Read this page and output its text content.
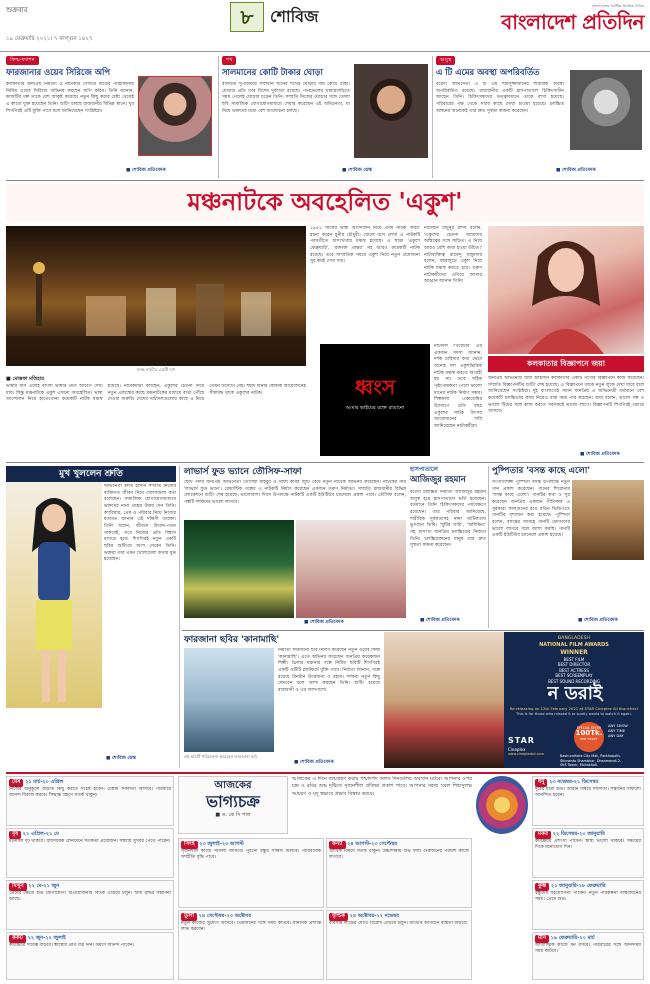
শুক্রবার	৮	শোবিজ
১৯ ফেব্রুয়ারি ২০২১। ৭ ফাল্গুন ১৪২৭
বাংলাদেশের সর্বাধিক প্রচারিত দৈনিক
বাংলাদেশ প্রতিদিন
ফিল্ম-ফ্যাশন
ফারজানার ওয়েব সিরিজে অপি
কলকাতার জনপ্রিয় নির্মাতা ও নাট্যকার সৌমিত্র মিত্রের পরিচালনায় নির্মিত ওয়েব সিরিজে অভিনয় করছেন অপি করিম। তিনি জানান, কাজটির গল্প তাকে বেশ আকৃষ্ট করেছে। নতুন কিছু করার চেষ্টা থেকেই এ কাজে যুক্ত হয়েছেন তিনি। শুটিং চলছে রাজধানীর বিভিন্ন স্থানে। খুব শিগগিরই এটি মুক্তি পাবে বলে জানিয়েছেন সংশ্লিষ্টরা।
■ শোবিজ প্রতিবেদক
শখ
সালমানের কোটি টাকার ঘোড়া
বলিউড সুপারস্টার সালমান খানের শখের ঘোড়ার দাম কোটি টাকা। ঘোড়ার প্রতি তার বিশেষ দুর্বলতা রয়েছে। পানভেলের খামারবাড়িতে সময় পেলেই ঘোড়ায় চড়েন তিনি। সম্প্রতি নিজের ঘোড়ার সঙ্গে তোলা ছবি সামাজিক যোগাযোগমাধ্যমে শেয়ার করেছেন এই অভিনেতা, যা নিয়ে ভক্তদের মধ্যে বেশ আলোচনা চলছে।
■ শোবিজ ডেস্ক
অসুস্থ
এ টি এমের অবস্থা অপরিবর্তিত
বরেণ্য অভিনেতা এ টি এম শামসুজ্জামানের শারীরিক অবস্থা অপরিবর্তিত রয়েছে। রাজধানীর একটি হাসপাতালে চিকিৎসাধীন আছেন তিনি। চিকিৎসকদের তত্ত্বাবধানে তাকে রাখা হয়েছে। পরিবারের পক্ষ থেকে সবার কাছে দোয়া চাওয়া হয়েছে। চলচ্চিত্র অঙ্গনের অনেকেই তার দ্রুত সুস্থতা কামনা করেছেন।
■ শোবিজ প্রতিবেদক
মঞ্চনাটকে অবহেলিত 'একুশ'
বসন্ত নাট্যের একটি দৃশ্য
১৯৫২ সালের ভাষা আন্দোলন নিয়ে প্রথম নাটক 'কবর' রচনা করেন মুনীর চৌধুরী। জেলে বসে লেখা এ নাটকটি পরবর্তীতে অসংখ্যবার মঞ্চস্থ হয়েছে। এ ছাড়া 'একুশে ফেব্রুয়ারি', 'রক্তাক্ত প্রান্তর' সহ আরও কয়েকটি নাটক রয়েছে। তবে সাম্প্রতিক সময়ে একুশ নিয়ে নতুন প্রযোজনা খুব কমই দেখা যায়।
ধ্বংস
আমার ভাইয়ের রক্তে রাঙানো
নাট্যজন মামুনুর রশীদ বলেন, 'একুশের চেতনা আমাদের অস্তিত্বের সঙ্গে জড়িত। এ নিয়ে আরও বেশি কাজ হওয়া উচিত।' নাট্যব্যক্তিত্ব রামেন্দু মজুমদার বলেন, বছরজুড়ে একুশ নিয়ে নাটক মঞ্চস্থ করতে হবে। তরুণ নাট্যকর্মীদের এগিয়ে আসার আহ্বান জানান তিনি।
■ মোস্তফা মতিহার
ভাষার মাস এলেই বাংলা ভাষার প্রতি আবেগ দেখা যায়। কিন্তু মঞ্চনাটকে একুশ এখনো অবহেলিত। ভাষা আন্দোলন নিয়ে হাতেগোনা কয়েকটি নাটক মঞ্চস্থ হয়েছে। নাট্যকর্মীরা বলছেন, একুশের চেতনা নিয়ে নতুন প্রজন্মের কাছে মঞ্চনাটকের মাধ্যমে বার্তা পৌঁছে দেওয়া জরুরি। দেশের নাট্যদলগুলোর কাছে এ নিয়ে তেমন উদ্যোগ নেই। শহীদ মিনার কেন্দ্রিক আয়োজনেই সীমাবদ্ধ থাকে একুশের নাটক।
নাট্যদল 'থিয়েটার' এর একজন সদস্য জানান, দর্শক চাহিদার কথা ভেবে অনেক দল একুশভিত্তিক নাটক মঞ্চস্থ করতে আগ্রহী হয় না। তবে সঠিক পৃষ্ঠপোষকতা পেলে ভালো মানের নাটক নির্মাণ সম্ভব। শিল্পকলা একাডেমির উদ্যোগে প্রতি বছর একুশের নাটক উৎসব আয়োজনের দাবি জানিয়েছেন নাট্যকর্মীরা।
কলকাতার বিজ্ঞাপনে জয়া
জনপ্রিয় অভিনেত্রী জয়া আহসান কলকাতার একটি পণ্যের বিজ্ঞাপনে কাজ করেছেন। সম্প্রতি বিজ্ঞাপনটির শুটিং শেষ হয়েছে। এ বিজ্ঞাপনে তাকে নতুন লুকে দেখা যাবে বলে জানিয়েছেন সংশ্লিষ্টরা। দুই বাংলাতেই সমান জনপ্রিয় এ অভিনেত্রী বর্তমানে বেশ কয়েকটি চলচ্চিত্রের কাজ নিয়েও ব্যস্ত সময় পার করছেন। জয়া বলেন, ভালো গল্প ও ভালো টিমের সঙ্গে কাজ করতে সবসময়ই ভালো লাগে। বিজ্ঞাপনটি শিগগিরই প্রচারে আসবে।
■ শোবিজ প্রতিবেদক
মুখ খুললেন শ্রুতি
অভিনেত্রী শ্রুতি হাসান সম্প্রতি নিজের ব্যক্তিগত জীবন নিয়ে খোলামেলা কথা বলেছেন। সামাজিক যোগাযোগমাধ্যমে ভক্তদের নানা প্রশ্নের উত্তর দেন তিনি। ক্যারিয়ার, প্রেম ও পরিবার নিয়ে নিজের মতামত জানান এই দক্ষিণী তারকা। তিনি বলেন, জীবনে উত্থান-পতন থাকবেই, তবে নিজের প্রতি বিশ্বাস রাখতে হবে। শিগগিরই নতুন একটি ছবির শুটিংয়ে অংশ নেবেন তিনি। ভক্তরা তার এমন খোলামেলা কথায় মুগ্ধ হয়েছেন।
■ শোবিজ ডেস্ক
লাভার্স ফুড ভ্যানে তৌসিফ-সাফা
ছোট পর্দার জনপ্রিয় অভিনেতা তৌসিফ মাহবুব ও সাফা কবির জুটি বেঁধে নতুন নাটকে অভিনয় করেছেন। নাটকের নাম 'লাভার্স ফুড ভ্যান'। রোমান্টিক গল্পের এ নাটকটি নির্মাণ করেছেন একজন তরুণ নির্মাতা। সম্প্রতি রাজধানীর বিভিন্ন লোকেশনে শুটিং শেষ হয়েছে। ভালোবাসা দিবস উপলক্ষে নাটকটি একটি ইউটিউব চ্যানেলে প্রকাশ পাবে। তৌসিফ বলেন, গল্পটি দর্শকদের ভালো লাগবে।
■ শোবিজ প্রতিবেদক
হাসপাতালে
আজিজুর রহমান
বরেণ্য চলচ্চিত্র নির্মাতা আজিজুর রহমান অসুস্থ হয়ে হাসপাতালে ভর্তি হয়েছেন। বর্তমানে তিনি চিকিৎসকদের পর্যবেক্ষণে রয়েছেন। তার পরিবার জানিয়েছে, শারীরিক দুর্বলতাসহ নানা জটিলতায় ভুগছেন তিনি। 'ছুটির ঘণ্টা', 'অশিক্ষিত' সহ অসংখ্য জনপ্রিয় চলচ্চিত্রের নির্মাতা তিনি। চলচ্চিত্রাঙ্গনের মানুষ তার দ্রুত সুস্থতা কামনা করেছেন।
■ শোবিজ প্রতিবেদক
পুষ্পিতার 'বসন্ত কাছে এলো'
সংগীতশিল্পী পুষ্পিতা বসন্ত উপলক্ষে নতুন গান প্রকাশ করেছেন। গানের শিরোনাম 'বসন্ত কাছে এলো'। গানটির কথা ও সুর করেছেন জনপ্রিয় একজন গীতিকার ও সুরকার। ফাল্গুনের রঙে রঙিন ভিডিওতে গানটির দৃশ্যায়ন করা হয়েছে। পুষ্পিতা বলেন, বসন্তের আবহে গানটি শ্রোতাদের ভালো লাগবে বলে আশা করছি। গানটি একটি ইউটিউব চ্যানেলে প্রকাশ হয়েছে।
■ শোবিজ প্রতিবেদক
ফারজানা ছবির 'কানামাছি'
নির্মাতা ফারজানা ছবি নির্মাণ করেছেন নতুন ওয়েব ফিল্ম 'কানামাছি'। এতে অভিনয় করেছেন জনপ্রিয় কয়েকজন শিল্পী। থ্রিলার ঘরানার গল্পে নির্মিত ছবিটি শিগগিরই একটি ওটিটি প্ল্যাটফর্মে মুক্তি পাবে। নির্মাতা জানান, গল্পে রয়েছে টানটান উত্তেজনা ও রহস্য। দর্শকরা নতুন কিছু দেখবেন বলে আশা করছেন তিনি। শুটিং হয়েছে রাজধানী ও এর আশপাশে।
এই ছবিটি পরিচালনা করেছেন ফারজানা ছবি
■ শোবিজ প্রতিবেদক
BANGLADESH
NATIONAL FILM AWARDS
WINNER
BEST FILM
BEST DIRECTOR
BEST ACTRESS
BEST SCREENPLAY
BEST SOUND RECORDING
ন ডরাই
Re-releasing on 12th February 2021 at STAR Cineplex All Branches!
This is for those who missed it or surely wants to watch it again.
SPECIAL OFFER
100Tk.
PER TICKET
ANY SHOW
ANY TIME
ANY DAY
STAR
Cineplex
www.cineplexbd.com	Bashundhara City Mall, Panthopath.
Shimanto Shambhar, Dhanmondi-2.
SKS Tower, Mohakhali.
আজকের
ভাগ্যচক্র
■ ড. কে সি পাল
আজকের এ দিনে জন্মগ্রহণ করায় পশ্চাদপদ অলস দিনগুলির অবসান ঘটবে। আপনার ওপর চন্দ্র ও রবির শুভ দৃষ্টিতে সৃজনশীল প্রতিভা প্রকাশ পাবে। আপনার সহজ সরল শিশুসুলভ আচরণ ও মৃদু স্বভাবে প্রভাব বিস্তার করবে।
মেষ ২১ মার্চ-২০ এপ্রিল
নিজের অনুকূলে বাড়তি কিছু করতে সচেষ্ট হবেন। চেষ্টায় সফলতা আসবে। পরিবারে আনন্দ বিরাজ করবে। সিদ্ধান্ত গ্রহণে সতর্ক থাকুন।
বৃষ ২১ এপ্রিল-২১ মে
মনোবল দৃঢ় থাকবে। ব্যবসায়িক লেনদেনে সতর্কতা প্রয়োজন। সন্ধ্যায় সুখবর পেতে পারেন।
মিথুন ২২ মে-২১ জুন
প্রেমের ক্ষেত্রে শুভ যোগাযোগ। অপ্রয়োজনীয় বিতর্ক এড়িয়ে চলুন। আয় বৃদ্ধির সম্ভাবনা আছে।
কর্কট ২২ জুন-২২ জুলাই
কর্মক্ষেত্রে দায়িত্ব বাড়বে। স্বাস্থ্যের প্রতি যত্ন নিন। ভ্রমণে আনন্দ পাবেন।
সিংহ ২৩ জুলাই-২৩ আগস্ট
সৃজনশীল কাজে সাফল্য আসবে। পুরনো বন্ধুর সাক্ষাৎ মিলবে। পারিবারিক সম্প্রীতি বৃদ্ধি পাবে।
কন্যা ২৪ আগস্ট-২৩ সেপ্টেম্বর
আর্থিক বিষয়ে সতর্ক থাকুন। উচ্চশিক্ষায় শুভ ফল। গুরুজনের পরামর্শ কাজে লাগবে।
তুলা ২৪ সেপ্টেম্বর-২৩ অক্টোবর
নতুন কাজের সুযোগ আসবে। প্রিয়জনের সঙ্গে সময় কাটবে। মানসিক প্রশান্তি লাভ করবেন।
বৃশ্চিক ২৪ অক্টোবর-২২ নভেম্বর
ব্যবসায় লাভের যোগ। বিরোধ এড়িয়ে চলুন। অতিথি আগমনে ব্যস্ততা বাড়বে।
ধনু ২৩ নভেম্বর-২১ ডিসেম্বর
দূরের যাত্রা শুভ। আইনি বিষয়ে সফলতা। সন্তানের সাফল্যে আনন্দিত হবেন।
মকর ২২ ডিসেম্বর-২০ জানুয়ারি
কর্মক্ষেত্রে প্রশংসা পাবেন। স্বাস্থ্য ভালো থাকবে। সঞ্চয়ের দিকে মনোযোগ দিন।
কুম্ভ ২১ জানুয়ারি-১৮ ফেব্রুয়ারি
বন্ধুদের সহযোগিতা পাবেন। নতুন পরিকল্পনা বাস্তবায়নের সময়। প্রেমে শুভ।
মীন ১৯ ফেব্রুয়ারি-২০ মার্চ
আধ্যাত্মিক কাজে মন বসবে। পরিবারের সঙ্গে আনন্দময় সময় কাটবে।
